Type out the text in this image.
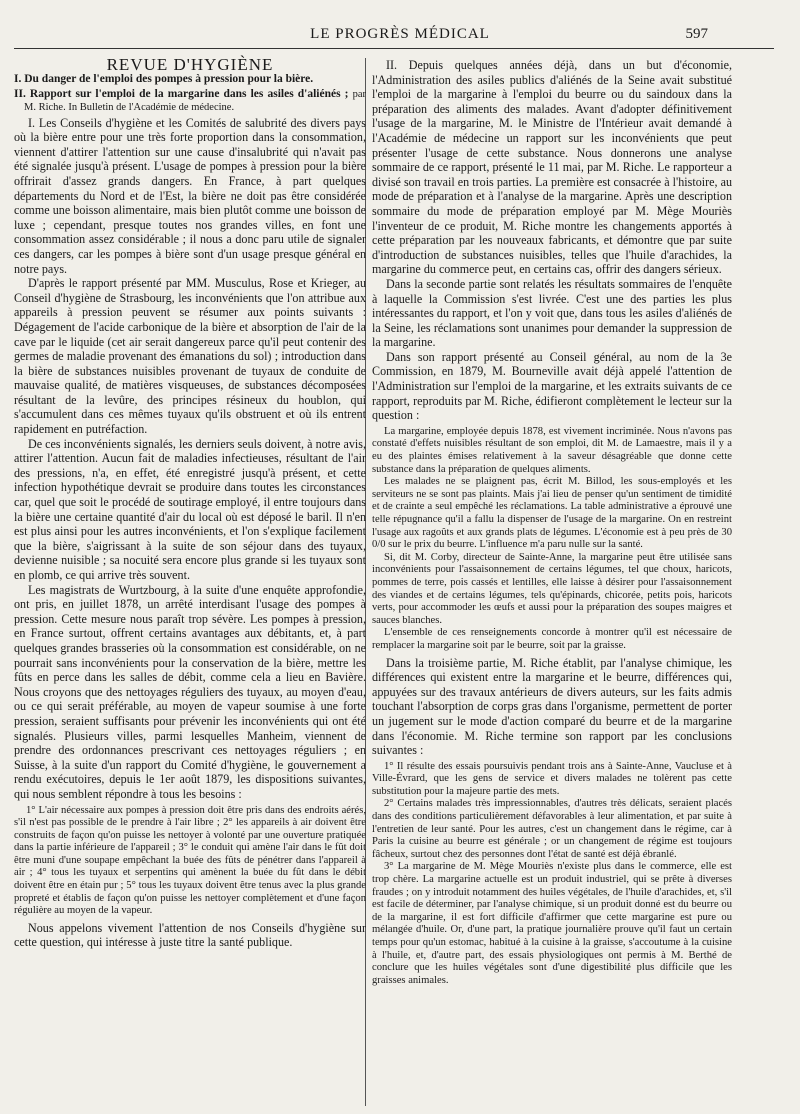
LE PROGRÈS MÉDICAL	597

REVUE D'HYGIÈNE

I. Du danger de l'emploi des pompes à pression pour la bière.

II. Rapport sur l'emploi de la margarine dans les asiles d'aliénés ; par M. Riche. In Bulletin de l'Académie de médecine.

I. Les Conseils d'hygiène et les Comités de salubrité des divers pays où la bière entre pour une très forte proportion dans la consommation, viennent d'attirer l'attention sur une cause d'insalubrité qui n'avait pas été signalée jusqu'à présent. L'usage de pompes à pression pour la bière offrirait d'assez grands dangers. En France, à part quelques départements du Nord et de l'Est, la bière ne doit pas être considérée comme une boisson alimentaire, mais bien plutôt comme une boisson de luxe ; cependant, presque toutes nos grandes villes, en font une consommation assez considérable ; il nous a donc paru utile de signaler ces dangers, car les pompes à bière sont d'un usage presque général en notre pays.

D'après le rapport présenté par MM. Musculus, Rose et Krieger, au Conseil d'hygiène de Strasbourg, les inconvénients que l'on attribue aux appareils à pression peuvent se résumer aux points suivants : Dégagement de l'acide carbonique de la bière et absorption de l'air de la cave par le liquide (cet air serait dangereux parce qu'il peut contenir des germes de maladie provenant des émanations du sol) ; introduction dans la bière de substances nuisibles provenant de tuyaux de conduite de mauvaise qualité, de matières visqueuses, de substances décomposées résultant de la levûre, des principes résineux du houblon, qui s'accumulent dans ces mêmes tuyaux qu'ils obstruent et où ils entrent rapidement en putréfaction.

De ces inconvénients signalés, les derniers seuls doivent, à notre avis, attirer l'attention. Aucun fait de maladies infectieuses, résultant de l'air des pressions, n'a, en effet, été enregistré jusqu'à présent, et cette infection hypothétique devrait se produire dans toutes les circonstances car, quel que soit le procédé de soutirage employé, il entre toujours dans la bière une certaine quantité d'air du local où est déposé le baril. Il n'en est plus ainsi pour les autres inconvénients, et l'on s'explique facilement que la bière, s'aigrissant à la suite de son séjour dans des tuyaux, devienne nuisible ; sa nocuité sera encore plus grande si les tuyaux sont en plomb, ce qui arrive très souvent.

Les magistrats de Wurtzbourg, à la suite d'une enquête approfondie, ont pris, en juillet 1878, un arrêté interdisant l'usage des pompes à pression. Cette mesure nous paraît trop sévère. Les pompes à pression, en France surtout, offrent certains avantages aux débitants, et, à part quelques grandes brasseries où la consommation est considérable, on ne pourrait sans inconvénients pour la conservation de la bière, mettre les fûts en perce dans les salles de débit, comme cela a lieu en Bavière. Nous croyons que des nettoyages réguliers des tuyaux, au moyen d'eau, ou ce qui serait préférable, au moyen de vapeur soumise à une forte pression, seraient suffisants pour prévenir les inconvénients qui ont été signalés. Plusieurs villes, parmi lesquelles Manheim, viennent de prendre des ordonnances prescrivant ces nettoyages réguliers ; en Suisse, à la suite d'un rapport du Comité d'hygiène, le gouvernement a rendu exécutoires, depuis le 1er août 1879, les dispositions suivantes, qui nous semblent répondre à tous les besoins :

1° L'air nécessaire aux pompes à pression doit être pris dans des endroits aérés, s'il n'est pas possible de le prendre à l'air libre ; 2° les appareils à air doivent être construits de façon qu'on puisse les nettoyer à volonté par une ouverture pratiquée dans la partie inférieure de l'appareil ; 3° le conduit qui amène l'air dans le fût doit être muni d'une soupape empêchant la buée des fûts de pénétrer dans l'appareil à air ; 4° tous les tuyaux et serpentins qui amènent la buée du fût dans le débit doivent être en étain pur ; 5° tous les tuyaux doivent être tenus avec la plus grande propreté et établis de façon qu'on puisse les nettoyer complètement et d'une façon régulière au moyen de la vapeur.

Nous appelons vivement l'attention de nos Conseils d'hygiène sur cette question, qui intéresse à juste titre la santé publique.

II. Depuis quelques années déjà, dans un but d'économie, l'Administration des asiles publics d'aliénés de la Seine avait substitué l'emploi de la margarine à l'emploi du beurre ou du saindoux dans la préparation des aliments des malades. Avant d'adopter définitivement l'usage de la margarine, M. le Ministre de l'Intérieur avait demandé à l'Académie de médecine un rapport sur les inconvénients que peut présenter l'usage de cette substance. Nous donnerons une analyse sommaire de ce rapport, présenté le 11 mai, par M. Riche. Le rapporteur a divisé son travail en trois parties. La première est consacrée à l'histoire, au mode de préparation et à l'analyse de la margarine. Après une description sommaire du mode de préparation employé par M. Mège Mouriès l'inventeur de ce produit, M. Riche montre les changements apportés à cette préparation par les nouveaux fabricants, et démontre que par suite d'introduction de substances nuisibles, telles que l'huile d'arachides, la margarine du commerce peut, en certains cas, offrir des dangers sérieux.

Dans la seconde partie sont relatés les résultats sommaires de l'enquête à laquelle la Commission s'est livrée. C'est une des parties les plus intéressantes du rapport, et l'on y voit que, dans tous les asiles d'aliénés de la Seine, les réclamations sont unanimes pour demander la suppression de la margarine.

Dans son rapport présenté au Conseil général, au nom de la 3e Commission, en 1879, M. Bourneville avait déjà appelé l'attention de l'Administration sur l'emploi de la margarine, et les extraits suivants de ce rapport, reproduits par M. Riche, édifieront complètement le lecteur sur la question :

La margarine, employée depuis 1878, est vivement incriminée. Nous n'avons pas constaté d'effets nuisibles résultant de son emploi, dit M. de Lamaestre, mais il y a eu des plaintes émises relativement à la saveur désagréable que donne cette substance dans la préparation de quelques aliments.

Les malades ne se plaignent pas, écrit M. Billod, les sous-employés et les serviteurs ne se sont pas plaints. Mais j'ai lieu de penser qu'un sentiment de timidité et de crainte a seul empêché les réclamations. La table administrative a éprouvé une telle répugnance qu'il a fallu la dispenser de l'usage de la margarine. On en restreint l'usage aux ragoûts et aux grands plats de légumes. L'économie est à peu près de 30 0/0 sur le prix du beurre. L'influence m'a paru nulle sur la santé.

Si, dit M. Corby, directeur de Sainte-Anne, la margarine peut être utilisée sans inconvénients pour l'assaisonnement de certains légumes, tel que choux, haricots, pommes de terre, pois cassés et lentilles, elle laisse à désirer pour l'assaisonnement des viandes et de certains légumes, tels qu'épinards, chicorée, petits pois, haricots verts, pour accommoder les œufs et aussi pour la préparation des soupes maigres et sauces blanches.

L'ensemble de ces renseignements concorde à montrer qu'il est nécessaire de remplacer la margarine soit par le beurre, soit par la graisse.

Dans la troisième partie, M. Riche établit, par l'analyse chimique, les différences qui existent entre la margarine et le beurre, différences qui, appuyées sur des travaux antérieurs de divers auteurs, sur les faits admis touchant l'absorption de corps gras dans l'organisme, permettent de porter un jugement sur le mode d'action comparé du beurre et de la margarine dans l'économie. M. Riche termine son rapport par les conclusions suivantes :

1° Il résulte des essais poursuivis pendant trois ans à Sainte-Anne, Vaucluse et à Ville-Évrard, que les gens de service et divers malades ne tolèrent pas cette substitution pour la majeure partie des mets.

2° Certains malades très impressionnables, d'autres très délicats, seraient placés dans des conditions particulièrement défavorables à leur alimentation, et par suite à l'entretien de leur santé. Pour les autres, c'est un changement dans le régime, car à Paris la cuisine au beurre est générale ; or un changement de régime est toujours fâcheux, surtout chez des personnes dont l'état de santé est déjà ébranlé.

3° La margarine de M. Mège Mouriès n'existe plus dans le commerce, elle est trop chère. La margarine actuelle est un produit industriel, qui se prête à diverses fraudes ; on y introduit notamment des huiles végétales, de l'huile d'arachides, et, s'il est facile de déterminer, par l'analyse chimique, si un produit donné est du beurre ou de la margarine, il est fort difficile d'affirmer que cette margarine est pure ou mélangée d'huile. Or, d'une part, la pratique journalière prouve qu'il faut un certain temps pour qu'un estomac, habitué à la cuisine à la graisse, s'accoutume à la cuisine à l'huile, et, d'autre part, des essais physiologiques ont permis à M. Berthé de conclure que les huiles végétales sont d'une digestibilité plus difficile que les graisses animales.
